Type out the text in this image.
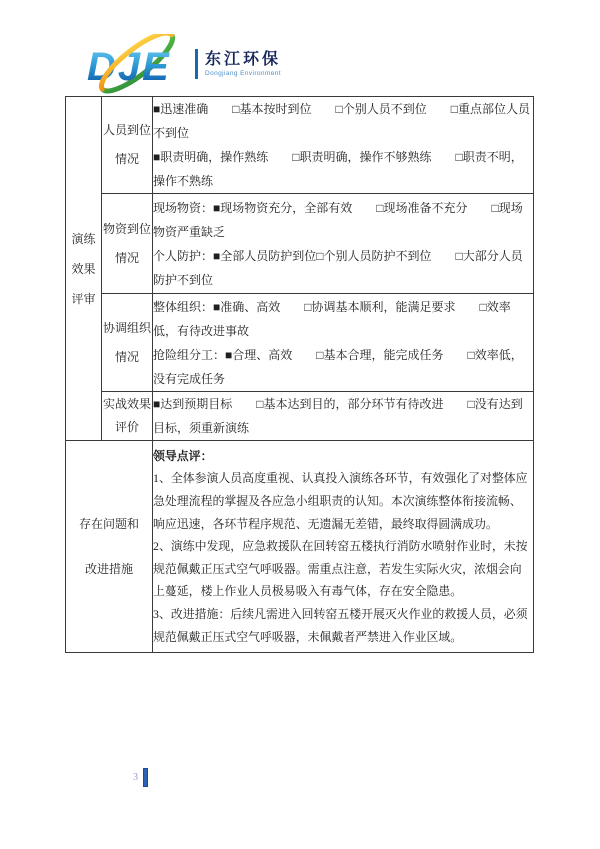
DJE 东江环保
Dongjiang Environment
演练效果评审	人员到位情况	■迅速准确　　□基本按时到位　　□个别人员不到位　　□重点部位人员不到位
■职责明确，操作熟练　　□职责明确，操作不够熟练　　□职责不明，操作不熟练

	物资到位情况	现场物资：■现场物资充分，全部有效　　□现场准备不充分　　□现场物资严重缺乏
个人防护：■全部人员防护到位□个别人员防护不到位　　□大部分人员防护不到位

	协调组织情况	整体组织：■准确、高效　　□协调基本顺利，能满足要求　　□效率低，有待改进事故
抢险组分工：■合理、高效　　□基本合理，能完成任务　　□效率低，没有完成任务

	实战效果评价	■达到预期目标　　□基本达到目的，部分环节有待改进　　□没有达到目标，须重新演练

存在问题和改进措施		领导点评：
1、全体参演人员高度重视、认真投入演练各环节，有效强化了对整体应急处理流程的掌握及各应急小组职责的认知。本次演练整体衔接流畅、响应迅速，各环节程序规范、无遗漏无差错，最终取得圆满成功。
2、演练中发现，应急救援队在回转窑五楼执行消防水喷射作业时，未按规范佩戴正压式空气呼吸器。需重点注意，若发生实际火灾，浓烟会向上蔓延，楼上作业人员极易吸入有毒气体，存在安全隐患。
3、改进措施：后续凡需进入回转窑五楼开展灭火作业的救援人员，必须规范佩戴正压式空气呼吸器，未佩戴者严禁进入作业区域。
3
